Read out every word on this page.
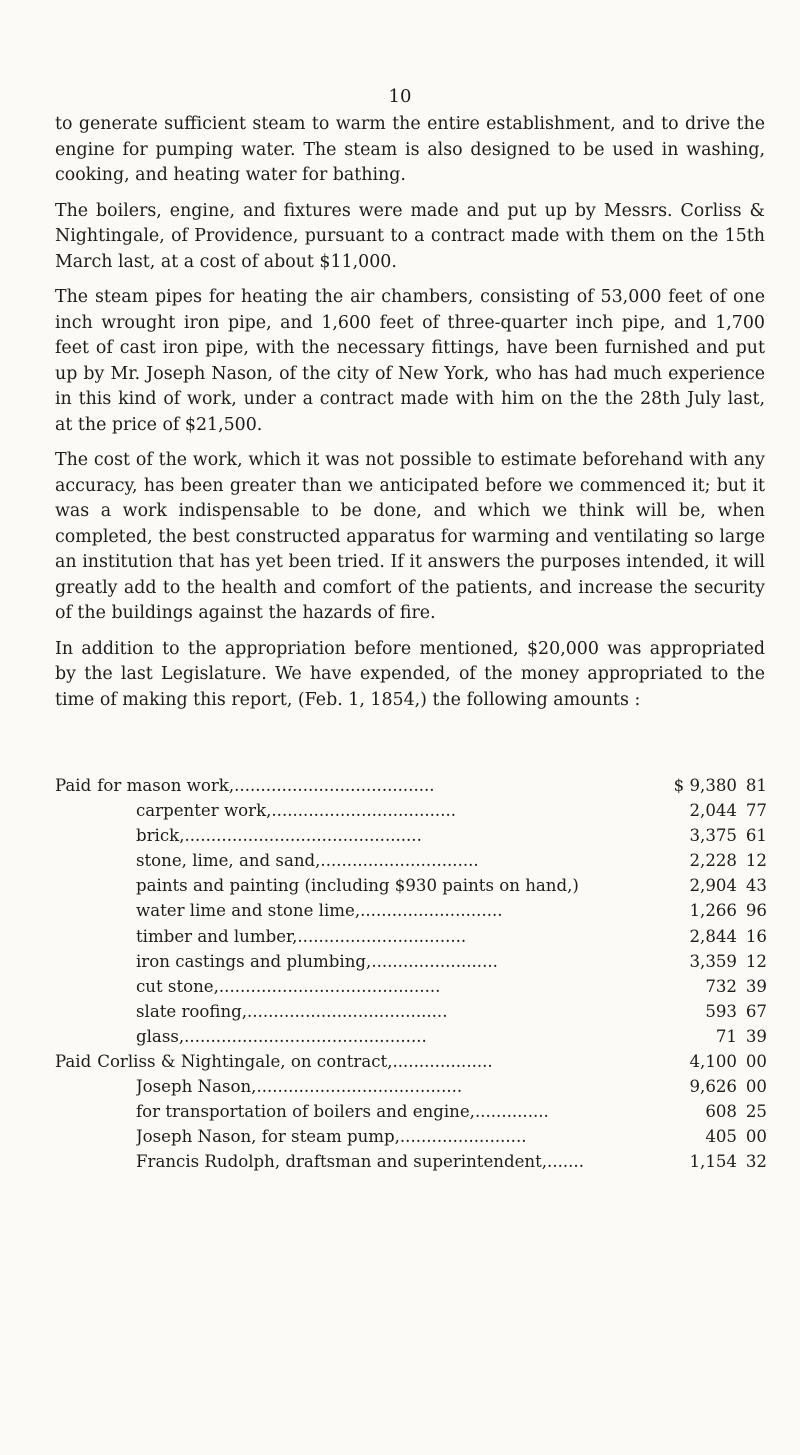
10

to generate sufficient steam to warm the entire establishment, and to drive the engine for pumping water. The steam is also designed to be used in washing, cooking, and heating water for bathing.

The boilers, engine, and fixtures were made and put up by Messrs. Corliss & Nightingale, of Providence, pursuant to a contract made with them on the 15th March last, at a cost of about $11,000.

The steam pipes for heating the air chambers, consisting of 53,000 feet of one inch wrought iron pipe, and 1,600 feet of three-quarter inch pipe, and 1,700 feet of cast iron pipe, with the necessary fittings, have been furnished and put up by Mr. Joseph Nason, of the city of New York, who has had much experience in this kind of work, under a contract made with him on the the 28th July last, at the price of $21,500.

The cost of the work, which it was not possible to estimate beforehand with any accuracy, has been greater than we anticipated before we commenced it; but it was a work indispensable to be done, and which we think will be, when completed, the best constructed apparatus for warming and ventilating so large an institution that has yet been tried. If it answers the purposes intended, it will greatly add to the health and comfort of the patients, and increase the security of the buildings against the hazards of fire.

In addition to the appropriation before mentioned, $20,000 was appropriated by the last Legislature. We have expended, of the money appropriated to the time of making this report, (Feb. 1, 1854,) the following amounts :

Paid for mason work,......................................	$ 9,380 81
carpenter work,...................................	2,044 77
brick,.............................................	3,375 61
stone, lime, and sand,..............................	2,228 12
paints and painting (including $930 paints on hand,)	2,904 43
water lime and stone lime,...........................	1,266 96
timber and lumber,................................	2,844 16
iron castings and plumbing,........................	3,359 12
cut stone,..........................................	732 39
slate roofing,......................................	593 67
glass,..............................................	71 39
Paid Corliss & Nightingale, on contract,...................	4,100 00
Joseph Nason,.......................................	9,626 00
for transportation of boilers and engine,..............	608 25
Joseph Nason, for steam pump,........................	405 00
Francis Rudolph, draftsman and superintendent,.......	1,154 32
